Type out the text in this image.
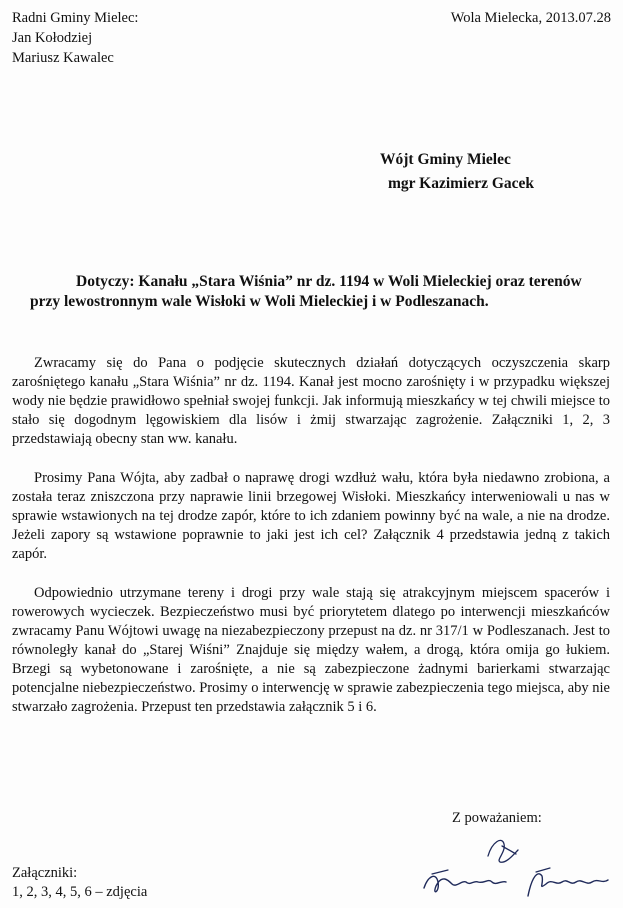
Radni Gminy Mielec:
Jan Kołodziej
Mariusz Kawalec
Wola Mielecka, 2013.07.28
Wójt Gminy Mielec
mgr Kazimierz Gacek
Dotyczy: Kanału „Stara Wiśnia” nr dz. 1194 w Woli Mieleckiej oraz terenów
przy lewostronnym wale Wisłoki w Woli Mieleckiej i w Podleszanach.

Zwracamy się do Pana o podjęcie skutecznych działań dotyczących oczyszczenia skarp zarośniętego kanału „Stara Wiśnia” nr dz. 1194. Kanał jest mocno zarośnięty i w przypadku większej wody nie będzie prawidłowo spełniał swojej funkcji. Jak informują mieszkańcy w tej chwili miejsce to stało się dogodnym lęgowiskiem dla lisów i żmij stwarzając zagrożenie. Załączniki 1, 2, 3 przedstawiają obecny stan ww. kanału.

Prosimy Pana Wójta, aby zadbał o naprawę drogi wzdłuż wału, która była niedawno zrobiona, a została teraz zniszczona przy naprawie linii brzegowej Wisłoki. Mieszkańcy interweniowali u nas w sprawie wstawionych na tej drodze zapór, które to ich zdaniem powinny być na wale, a nie na drodze. Jeżeli zapory są wstawione poprawnie to jaki jest ich cel? Załącznik 4 przedstawia jedną z takich zapór.

Odpowiednio utrzymane tereny i drogi przy wale stają się atrakcyjnym miejscem spacerów i rowerowych wycieczek. Bezpieczeństwo musi być priorytetem dlatego po interwencji mieszkańców zwracamy Panu Wójtowi uwagę na niezabezpieczony przepust na dz. nr 317/1 w Podleszanach. Jest to równoległy kanał do „Starej Wiśni” Znajduje się między wałem, a drogą, która omija go łukiem. Brzegi są wybetonowane i zarośnięte, a nie są zabezpieczone żadnymi barierkami stwarzając potencjalne niebezpieczeństwo. Prosimy o interwencję w sprawie zabezpieczenia tego miejsca, aby nie stwarzało zagrożenia. Przepust ten przedstawia załącznik 5 i 6.

Z poważaniem:
Załączniki:
1, 2, 3, 4, 5, 6 – zdjęcia
